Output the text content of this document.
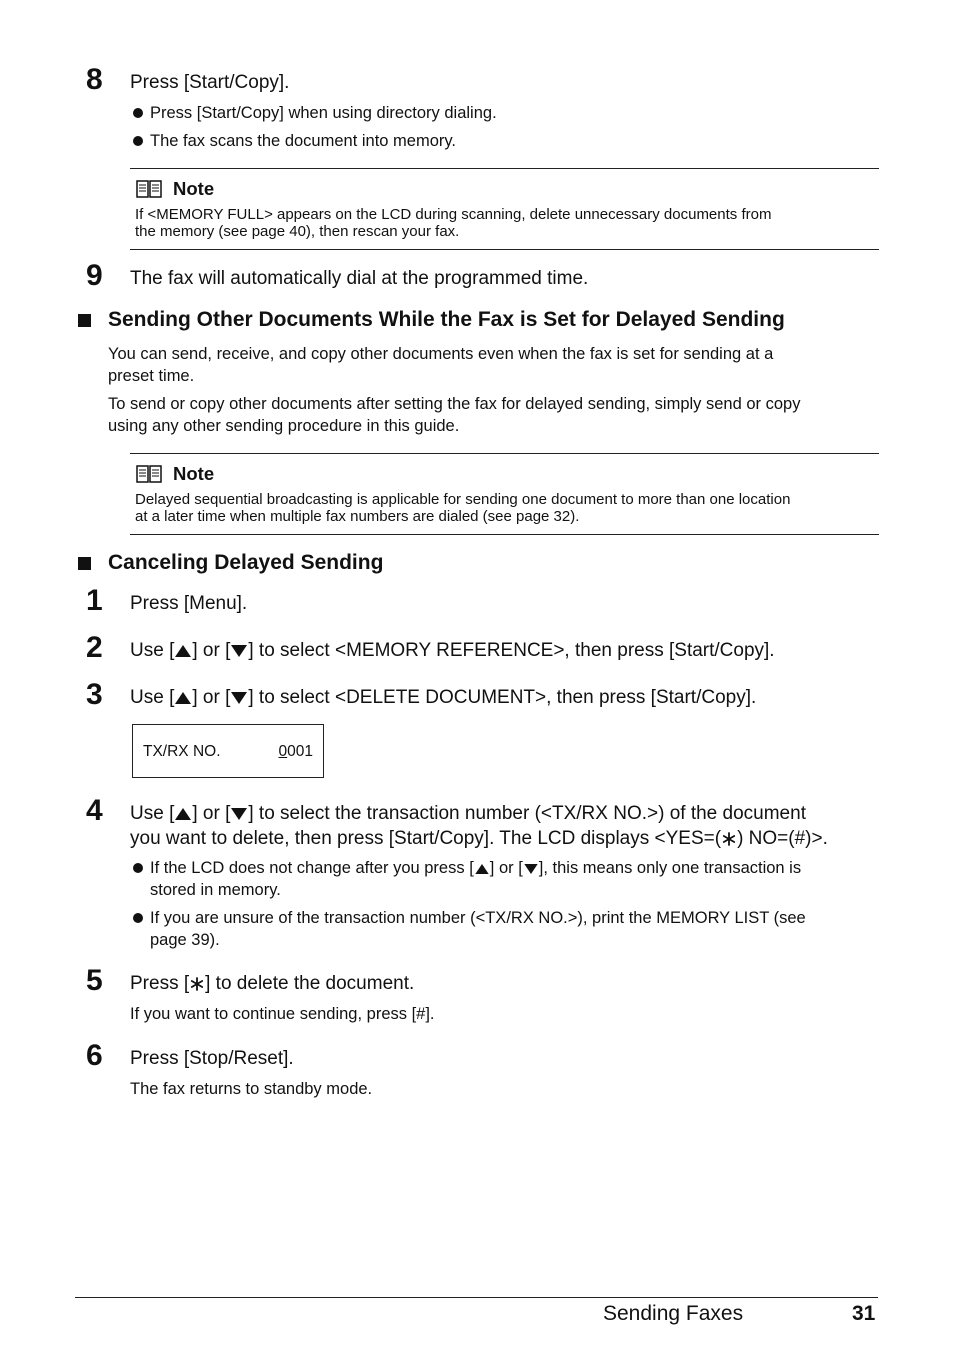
8 Press [Start/Copy].
Press [Start/Copy] when using directory dialing.
The fax scans the document into memory.
Note
If <MEMORY FULL> appears on the LCD during scanning, delete unnecessary documents from
the memory (see page 40), then rescan your fax.
9 The fax will automatically dial at the programmed time.
Sending Other Documents While the Fax is Set for Delayed Sending
You can send, receive, and copy other documents even when the fax is set for sending at a
preset time.
To send or copy other documents after setting the fax for delayed sending, simply send or copy
using any other sending procedure in this guide.
Note
Delayed sequential broadcasting is applicable for sending one document to more than one location
at a later time when multiple fax numbers are dialed (see page 32).
Canceling Delayed Sending
1 Press [Menu].
2 Use [ ] or [ ] to select <MEMORY REFERENCE>, then press [Start/Copy].
3 Use [ ] or [ ] to select <DELETE DOCUMENT>, then press [Start/Copy].
TX/RX NO.	0001
4 Use [ ] or [ ] to select the transaction number (<TX/RX NO.>) of the document
you want to delete, then press [Start/Copy]. The LCD displays <YES=( ) NO=(#)>.
If the LCD does not change after you press [ ] or [ ], this means only one transaction is
stored in memory.
If you are unsure of the transaction number (<TX/RX NO.>), print the MEMORY LIST (see
page 39).
5 Press [ ] to delete the document.
If you want to continue sending, press [#].
6 Press [Stop/Reset].
The fax returns to standby mode.
Sending Faxes	31
